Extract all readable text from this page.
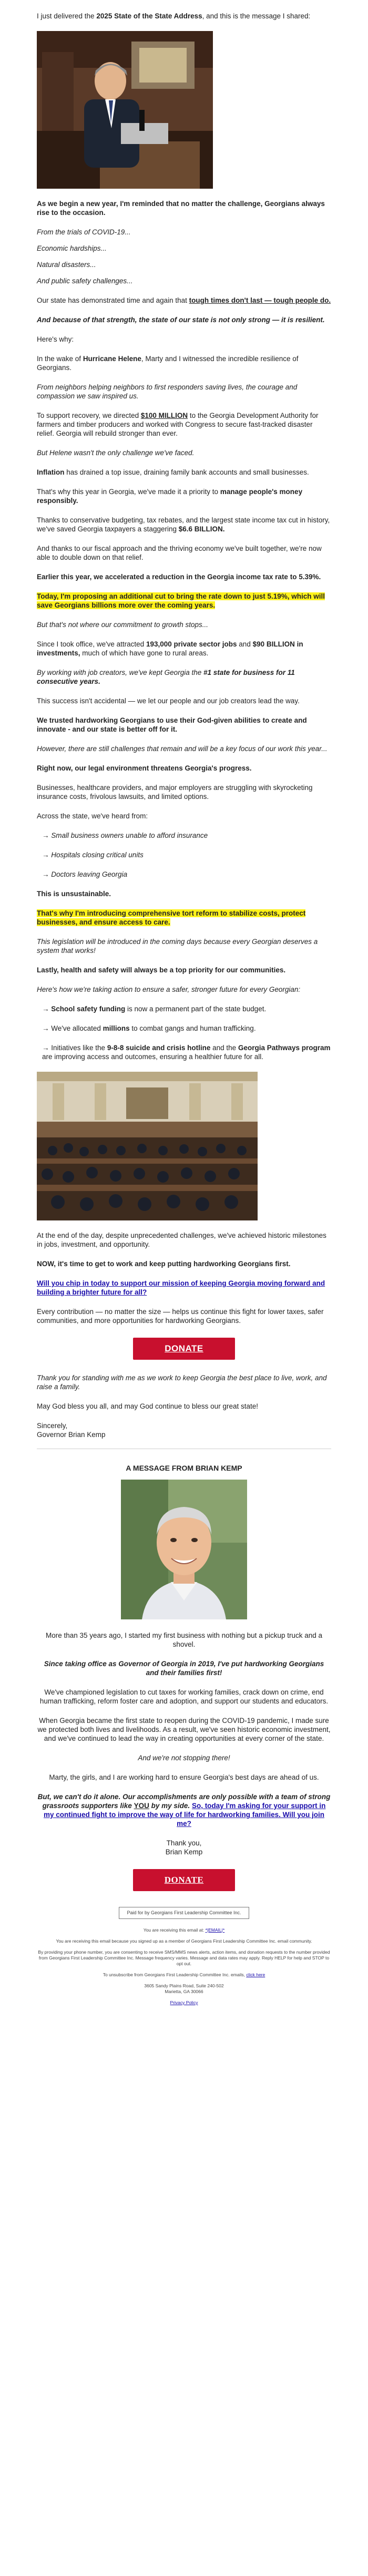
I just delivered the 2025 State of the State Address, and this is the message I shared:

As we begin a new year, I'm reminded that no matter the challenge, Georgians always rise to the occasion.

From the trials of COVID-19...

Economic hardships...

Natural disasters...

And public safety challenges...

Our state has demonstrated time and again that tough times don't last — tough people do.

And because of that strength, the state of our state is not only strong — it is resilient.

Here's why:

In the wake of Hurricane Helene, Marty and I witnessed the incredible resilience of Georgians.

From neighbors helping neighbors to first responders saving lives, the courage and compassion we saw inspired us.

To support recovery, we directed $100 MILLION to the Georgia Development Authority for farmers and timber producers and worked with Congress to secure fast-tracked disaster relief. Georgia will rebuild stronger than ever.

But Helene wasn't the only challenge we've faced.

Inflation has drained a top issue, draining family bank accounts and small businesses.

That's why this year in Georgia, we've made it a priority to manage people's money responsibly.

Thanks to conservative budgeting, tax rebates, and the largest state income tax cut in history, we've saved Georgia taxpayers a staggering $6.6 BILLION.

And thanks to our fiscal approach and the thriving economy we've built together, we're now able to double down on that relief.

Earlier this year, we accelerated a reduction in the Georgia income tax rate to 5.39%.

Today, I'm proposing an additional cut to bring the rate down to just 5.19%, which will save Georgians billions more over the coming years.

But that's not where our commitment to growth stops...

Since I took office, we've attracted 193,000 private sector jobs and $90 BILLION in investments, much of which have gone to rural areas.

By working with job creators, we've kept Georgia the #1 state for business for 11 consecutive years.

This success isn't accidental — we let our people and our job creators lead the way.

We trusted hardworking Georgians to use their God-given abilities to create and innovate - and our state is better off for it.

However, there are still challenges that remain and will be a key focus of our work this year...

Right now, our legal environment threatens Georgia's progress.

Businesses, healthcare providers, and major employers are struggling with skyrocketing insurance costs, frivolous lawsuits, and limited options.

Across the state, we've heard from:

→ Small business owners unable to afford insurance

→ Hospitals closing critical units

→ Doctors leaving Georgia

This is unsustainable.

That's why I'm introducing comprehensive tort reform to stabilize costs, protect businesses, and ensure access to care.

This legislation will be introduced in the coming days because every Georgian deserves a system that works!

Lastly, health and safety will always be a top priority for our communities.

Here's how we're taking action to ensure a safer, stronger future for every Georgian:

→ School safety funding is now a permanent part of the state budget.

→ We've allocated millions to combat gangs and human trafficking.

→ Initiatives like the 9-8-8 suicide and crisis hotline and the Georgia Pathways program are improving access and outcomes, ensuring a healthier future for all.

At the end of the day, despite unprecedented challenges, we've achieved historic milestones in jobs, investment, and opportunity.

NOW, it's time to get to work and keep putting hardworking Georgians first.

Will you chip in today to support our mission of keeping Georgia moving forward and building a brighter future for all?

Every contribution — no matter the size — helps us continue this fight for lower taxes, safer communities, and more opportunities for hardworking Georgians.

DONATE

Thank you for standing with me as we work to keep Georgia the best place to live, work, and raise a family.

May God bless you all, and may God continue to bless our great state!

Sincerely,
Governor Brian Kemp

A MESSAGE FROM BRIAN KEMP

More than 35 years ago, I started my first business with nothing but a pickup truck and a shovel.

Since taking office as Governor of Georgia in 2019, I've put hardworking Georgians and their families first!

We've championed legislation to cut taxes for working families, crack down on crime, end human trafficking, reform foster care and adoption, and support our students and educators.

When Georgia became the first state to reopen during the COVID-19 pandemic, I made sure we protected both lives and livelihoods. As a result, we've seen historic economic investment, and we've continued to lead the way in creating opportunities at every corner of the state.

And we're not stopping there!

Marty, the girls, and I are working hard to ensure Georgia's best days are ahead of us.

But, we can't do it alone. Our accomplishments are only possible with a team of strong grassroots supporters like YOU by my side. So, today I'm asking for your support in my continued fight to improve the way of life for hardworking families. Will you join me?

Thank you,
Brian Kemp

DONATE
Paid for by Georgians First Leadership Committee Inc.

You are receiving this email at: *|EMAIL|*

You are receiving this email because you signed up as a member of Georgians First Leadership Committee Inc. email community.

By providing your phone number, you are consenting to receive SMS/MMS news alerts, action items, and donation requests to the number provided from Georgians First Leadership Committee Inc. Message frequency varies. Message and data rates may apply. Reply HELP for help and STOP to opt out.

To unsubscribe from Georgians First Leadership Committee Inc. emails, click here

3605 Sandy Plains Road, Suite 240-502
Marietta, GA 30066

Privacy Policy
